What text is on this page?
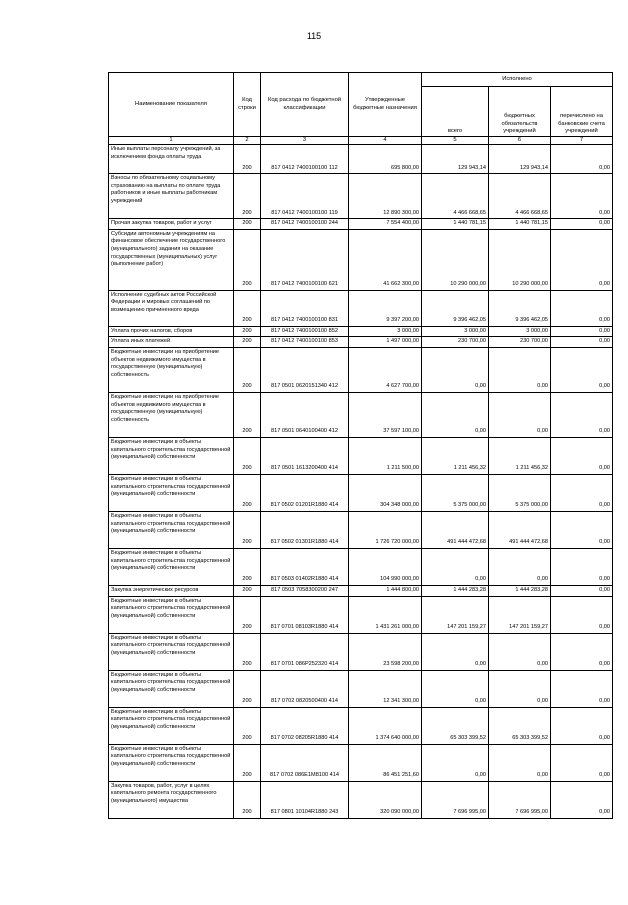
115
Наименование показателя	Код строки	Код расхода по бюджетной классификации	Утвержденные бюджетные назначения	Исполнено		
				всего	бюджетных обязательств учреждений	перечислено на банковские счета учреждений
1	2	3	4	5	6	7
Иные выплаты персоналу учреждений, за исключением фонда оплаты труда	200	817 0412 7400100100 112	695 800,00	129 943,14	129 943,14	0,00
Взносы по обязательному социальному страхованию на выплаты по оплате труда работников и иные выплаты работникам учреждений	200	817 0412 7400100100 119	12 890 300,00	4 466 668,65	4 466 668,65	0,00
Прочая закупка товаров, работ и услуг	200	817 0412 7400100100 244	7 554 400,00	1 440 781,15	1 440 781,15	0,00
Субсидии автономным учреждениям на финансовое обеспечение государственного (муниципального) задания на оказание государственных (муниципальных) услуг (выполнение работ)	200	817 0412 7400100100 621	41 662 300,00	10 290 000,00	10 290 000,00	0,00
Исполнение судебных актов Российской Федерации и мировых соглашений по возмещению причиненного вреда	200	817 0412 7400100100 831	9 397 200,00	9 396 462,05	9 396 462,05	0,00
Уплата прочих налогов, сборов	200	817 0412 7400100100 852	3 000,00	3 000,00	3 000,00	0,00
Уплата иных платежей	200	817 0412 7400100100 853	1 497 000,00	230 700,00	230 700,00	0,00
Бюджетные инвестиции на приобретение объектов недвижимого имущества в государственную (муниципальную) собственность	200	817 0501 0620151340 412	4 627 700,00	0,00	0,00	0,00
Бюджетные инвестиции на приобретение объектов недвижимого имущества в государственную (муниципальную) собственность	200	817 0501 0640100400 412	37 597 100,00	0,00	0,00	0,00
Бюджетные инвестиции в объекты капитального строительства государственной (муниципальной) собственности	200	817 0501 1613200400 414	1 211 500,00	1 211 456,32	1 211 456,32	0,00
Бюджетные инвестиции в объекты капитального строительства государственной (муниципальной) собственности	200	817 0502 01201R1880 414	304 348 000,00	5 375 000,00	5 375 000,00	0,00
Бюджетные инвестиции в объекты капитального строительства государственной (муниципальной) собственности	200	817 0502 01301R1880 414	1 726 720 000,00	491 444 472,68	491 444 472,68	0,00
Бюджетные инвестиции в объекты капитального строительства государственной (муниципальной) собственности	200	817 0503 01402R1880 414	104 990 000,00	0,00	0,00	0,00
Закупка энергетических ресурсов	200	817 0503 7058300200 247	1 444 800,00	1 444 283,28	1 444 283,28	0,00
Бюджетные инвестиции в объекты капитального строительства государственной (муниципальной) собственности	200	817 0701 08103R1880 414	1 431 261 000,00	147 201 159,27	147 201 159,27	0,00
Бюджетные инвестиции в объекты капитального строительства государственной (муниципальной) собственности	200	817 0701 086P252320 414	23 598 200,00	0,00	0,00	0,00
Бюджетные инвестиции в объекты капитального строительства государственной (муниципальной) собственности	200	817 0702 0820500400 414	12 341 300,00	0,00	0,00	0,00
Бюджетные инвестиции в объекты капитального строительства государственной (муниципальной) собственности	200	817 0702 08205R1880 414	1 374 640 000,00	65 303 399,52	65 303 399,52	0,00
Бюджетные инвестиции в объекты капитального строительства государственной (муниципальной) собственности	200	817 0702 086E1M8100 414	86 451 251,60	0,00	0,00	0,00
Закупка товаров, работ, услуг в целях капитального ремонта государственного (муниципального) имущества	200	817 0801 10104R1880 243	320 090 000,00	7 696 995,00	7 696 995,00	0,00
